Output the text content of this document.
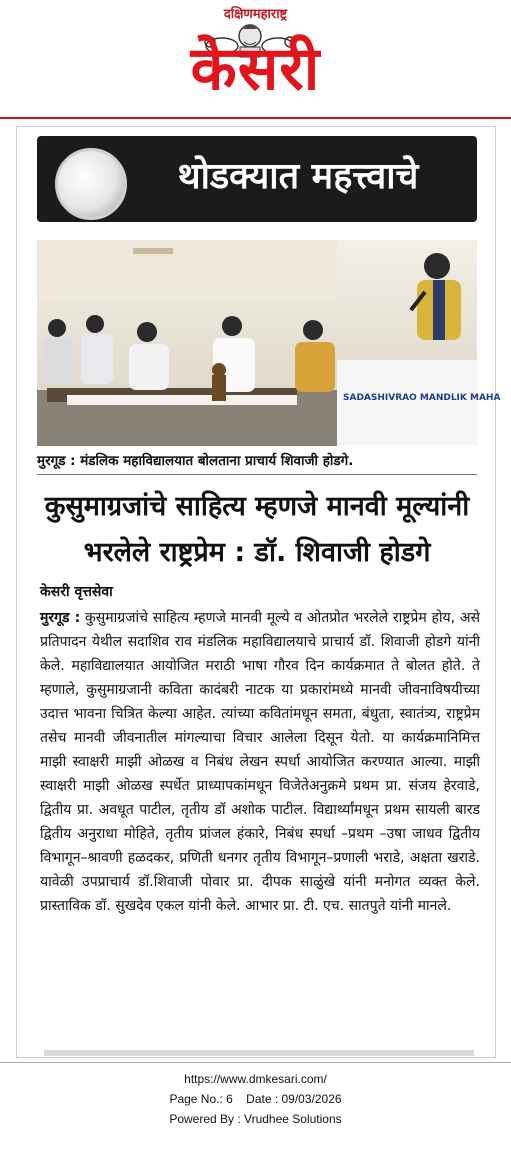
दक्षिणमहाराष्ट्र
केसरी
थोडक्यात महत्त्वाचे
SADASHIVRAO MANDLIK MAHA
मुरगूड : मंडलिक महाविद्यालयात बोलताना प्राचार्य शिवाजी होडगे.
कुसुमाग्रजांचे साहित्य म्हणजे मानवी मूल्यांनी भरलेले राष्ट्रप्रेम : डॉ. शिवाजी होडगे
केसरी वृत्तसेवा
मुरगूड : कुसुमाग्रजांचे साहित्य म्हणजे मानवी मूल्ये व ओतप्रोत भरलेले राष्ट्रप्रेम होय, असे प्रतिपादन येथील सदाशिव राव मंडलिक महाविद्यालयाचे प्राचार्य डॉ. शिवाजी होडगे यांनी केले. महाविद्यालयात आयोजित मराठी भाषा गौरव दिन कार्यक्रमात ते बोलत होते. ते म्हणाले, कुसुमाग्रजानी कविता कादंबरी नाटक या प्रकारांमध्ये मानवी जीवनाविषयीच्या उदात्त भावना चित्रित केल्या आहेत. त्यांच्या कवितांमधून समता, बंधुता, स्वातंत्र्य, राष्ट्रप्रेम तसेच मानवी जीवनातील मांगल्याचा विचार आलेला दिसून येतो. या कार्यक्रमानिमित्त माझी स्वाक्षरी माझी ओळख व निबंध लेखन स्पर्धा आयोजित करण्यात आल्या. माझी स्वाक्षरी माझी ओळख स्पर्धेत प्राध्यापकांमधून विजेतेअनुक्रमे प्रथम प्रा. संजय हेरवाडे, द्वितीय प्रा. अवधूत पाटील, तृतीय डॉ अशोक पाटील. विद्यार्थ्यांमधून प्रथम सायली बारड द्वितीय अनुराधा मोहिते, तृतीय प्रांजल हंकारे, निबंध स्पर्धा –प्रथम –उषा जाधव द्वितीय विभागून–श्रावणी हळदकर, प्रणिती धनगर तृतीय विभागून–प्रणाली भराडे, अक्षता खराडे. यावेळी उपप्राचार्य डॉ.शिवाजी पोवार प्रा. दीपक साळुंखे यांनी मनोगत व्यक्त केले. प्रास्ताविक डॉ. सुखदेव एकल यांनी केले. आभार प्रा. टी. एच. सातपुते यांनी मानले.
https://www.dmkesari.com/
Page No.: 6    Date : 09/03/2026
Powered By : Vrudhee Solutions
